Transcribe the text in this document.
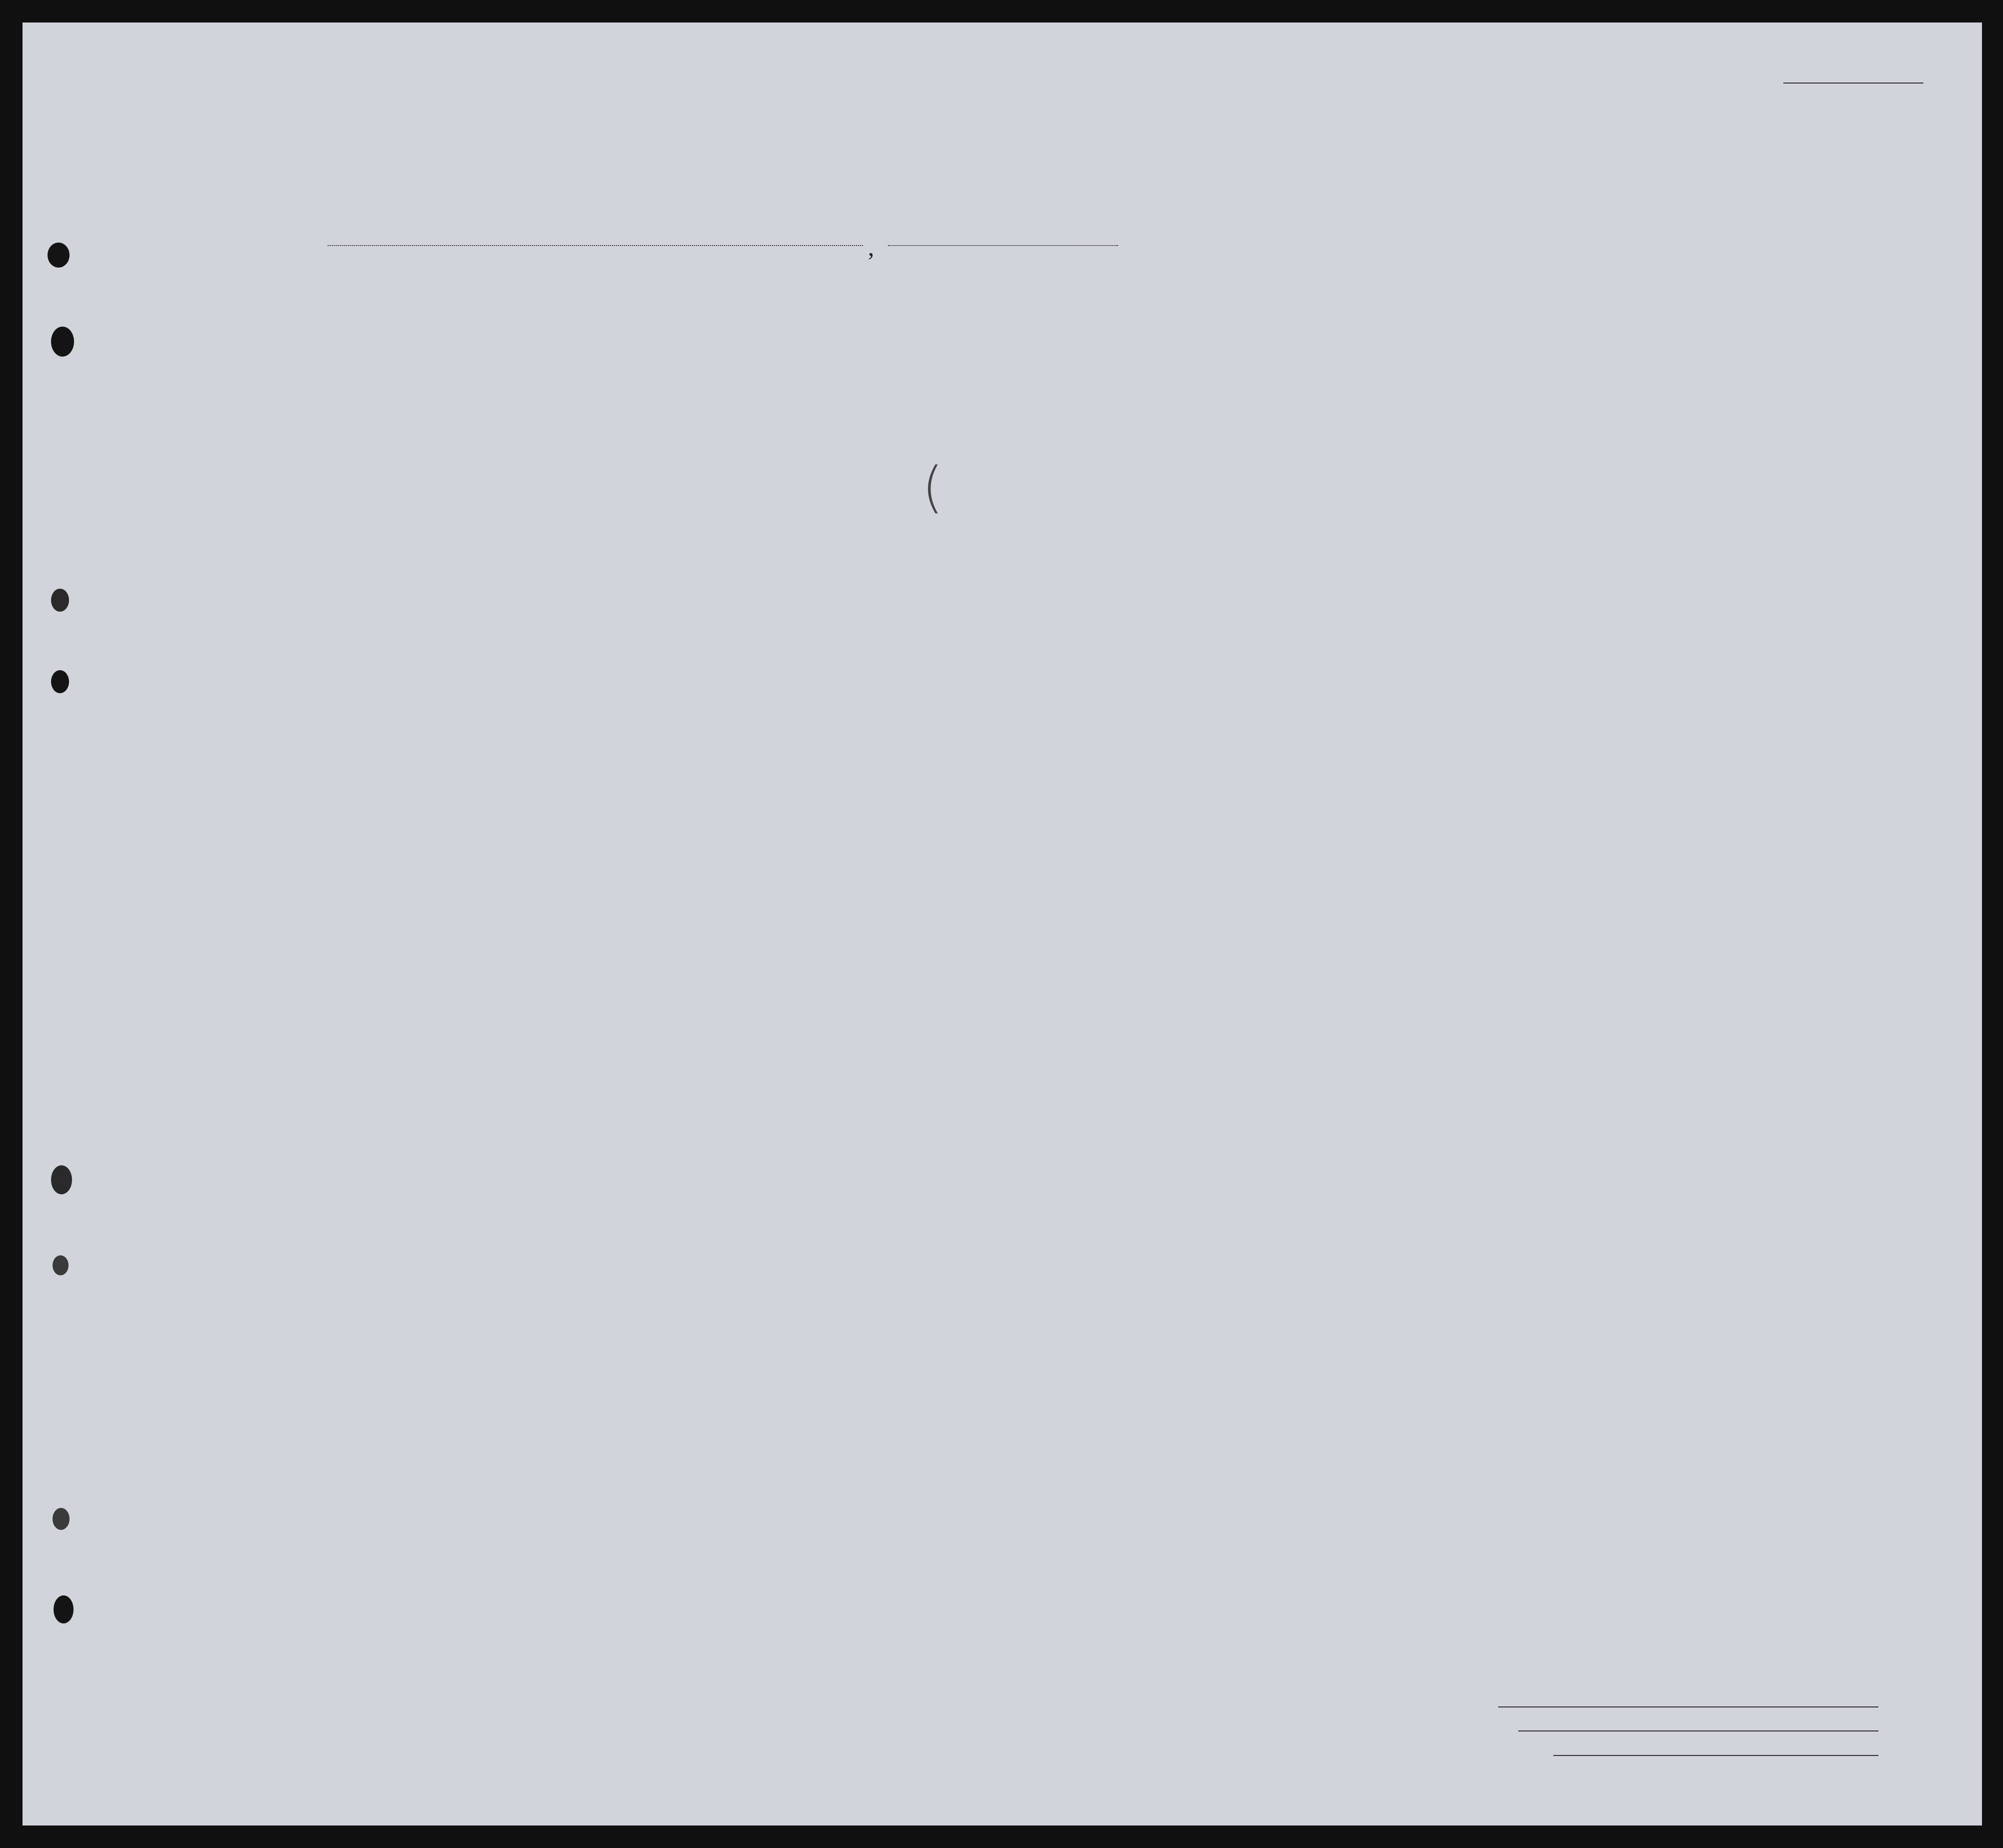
,
(
